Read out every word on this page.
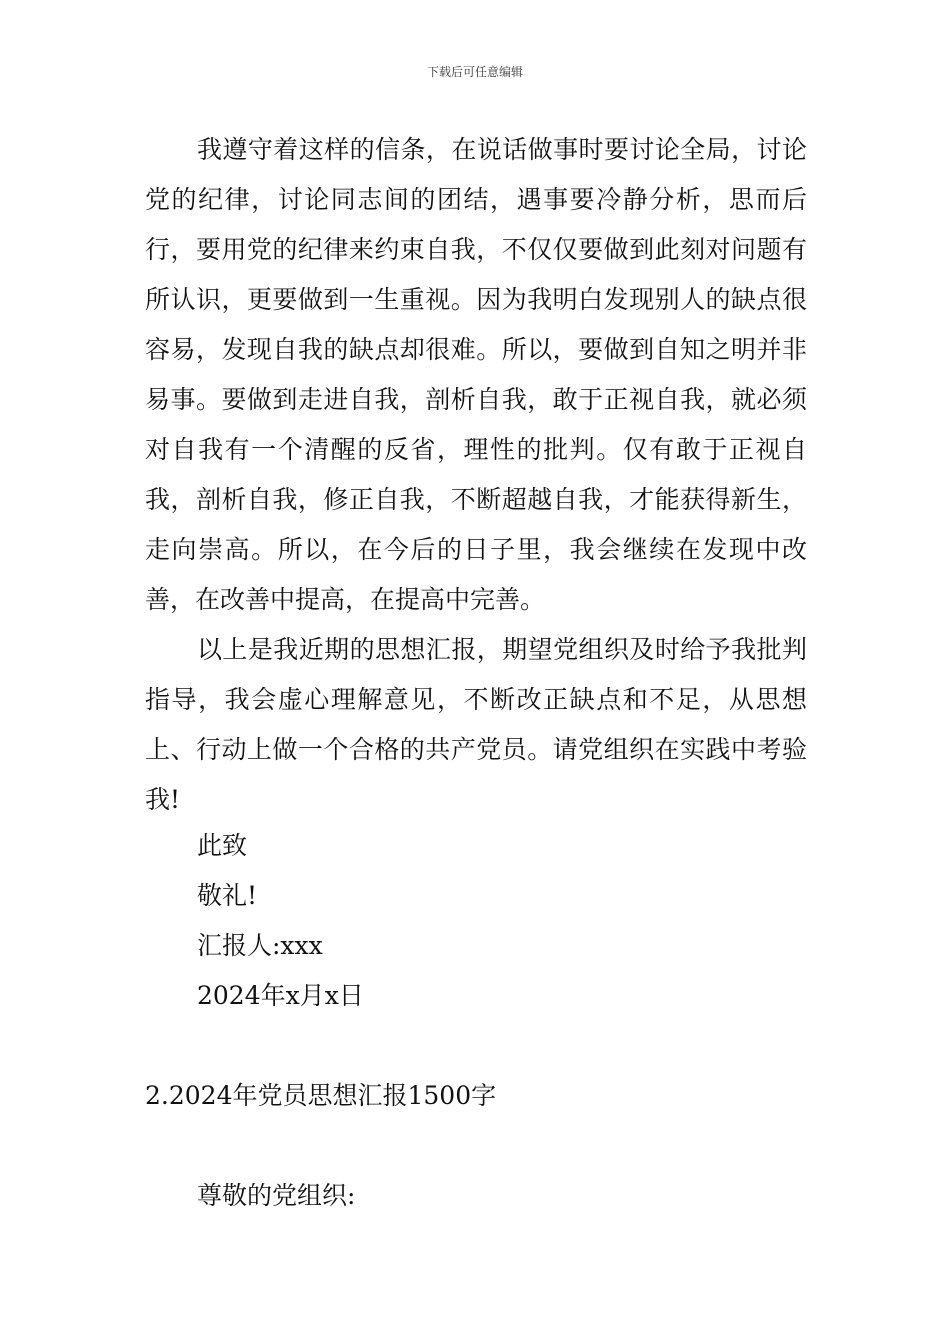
下载后可任意编辑

我遵守着这样的信条，在说话做事时要讨论全局，讨论党的纪律，讨论同志间的团结，遇事要冷静分析，思而后行，要用党的纪律来约束自我，不仅仅要做到此刻对问题有所认识，更要做到一生重视。因为我明白发现别人的缺点很容易，发现自我的缺点却很难。所以，要做到自知之明并非易事。要做到走进自我，剖析自我，敢于正视自我，就必须对自我有一个清醒的反省，理性的批判。仅有敢于正视自我，剖析自我，修正自我，不断超越自我，才能获得新生，走向崇高。所以，在今后的日子里，我会继续在发现中改善，在改善中提高，在提高中完善。

以上是我近期的思想汇报，期望党组织及时给予我批判指导，我会虚心理解意见，不断改正缺点和不足，从思想上、行动上做一个合格的共产党员。请党组织在实践中考验我!

此致
敬礼!
汇报人:xxx
2024年x月x日
2.2024年党员思想汇报1500字
尊敬的党组织:
